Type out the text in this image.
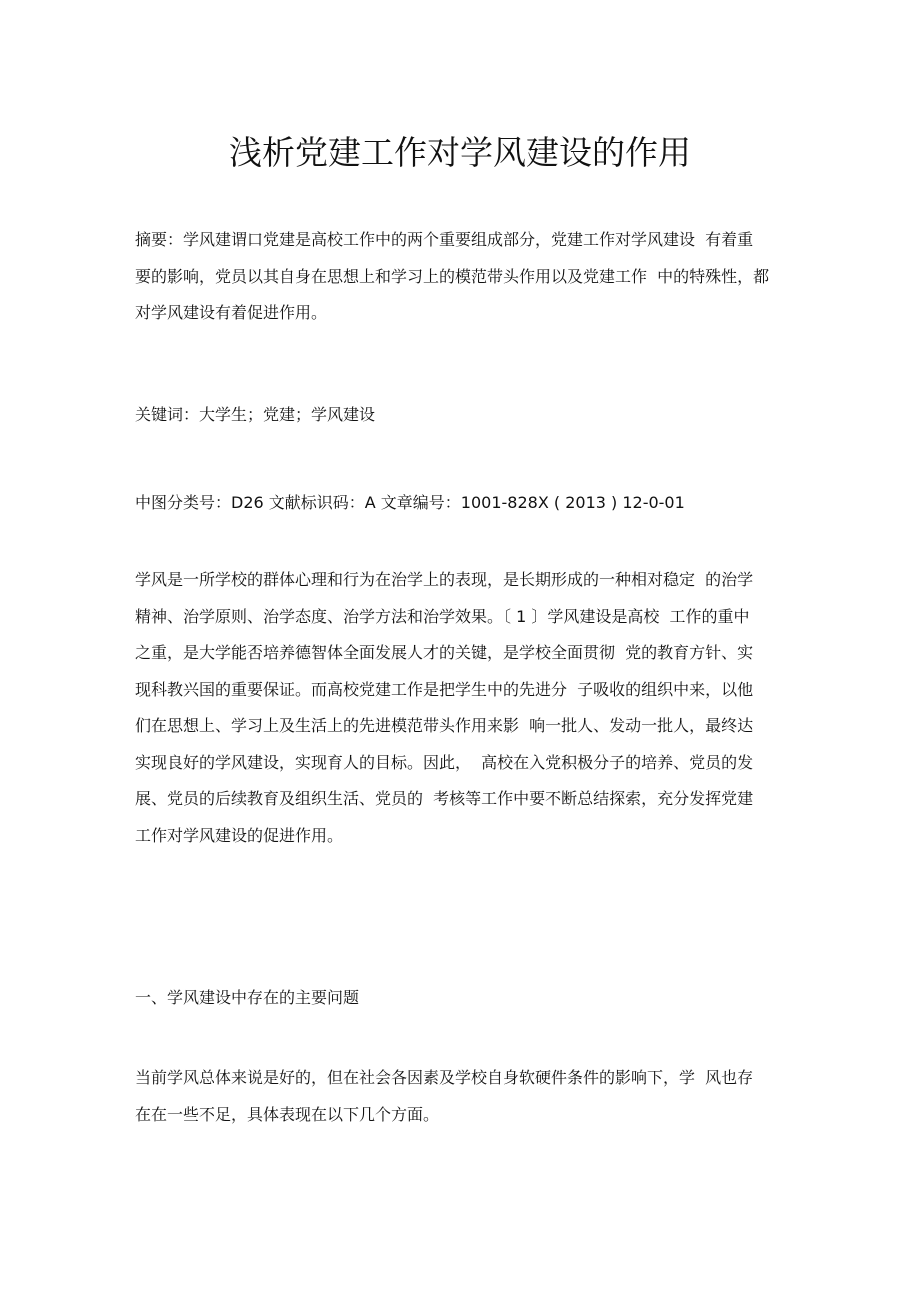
浅析党建工作对学风建设的作用
摘要：学风建谓口党建是高校工作中的两个重要组成部分，党建工作对学风建设  有着重
要的影响，党员以其自身在思想上和学习上的模范带头作用以及党建工作  中的特殊性，都
对学风建设有着促进作用。
关键词：大学生；党建；学风建设
中图分类号：D26 文献标识码：A 文章编号：1001-828X ( 2013 ) 12-0-01
学风是一所学校的群体心理和行为在治学上的表现，是长期形成的一种相对稳定  的治学
精神、治学原则、治学态度、治学方法和治学效果。〔 1 〕学风建设是高校  工作的重中
之重，是大学能否培养德智体全面发展人才的关键，是学校全面贯彻  党的教育方针、实
现科教兴国的重要保证。而高校党建工作是把学生中的先进分  子吸收的组织中来，以他
们在思想上、学习上及生活上的先进模范带头作用来影  响一批人、发动一批人，最终达
实现良好的学风建设，实现育人的目标。因此，  高校在入党积极分子的培养、党员的发
展、党员的后续教育及组织生活、党员的  考核等工作中要不断总结探索，充分发挥党建
工作对学风建设的促进作用。
一、学风建设中存在的主要问题
当前学风总体来说是好的，但在社会各因素及学校自身软硬件条件的影响下，学  风也存
在在一些不足，具体表现在以下几个方面。
